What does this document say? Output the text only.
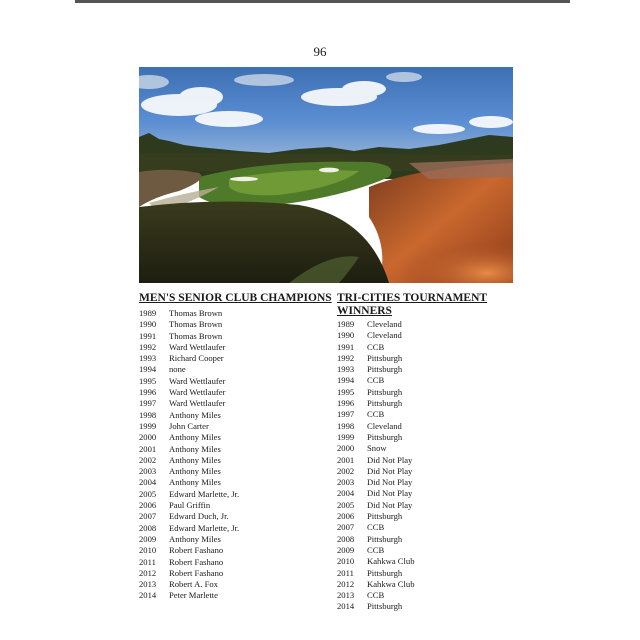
96
MEN'S SENIOR CLUB CHAMPIONS
1989	Thomas Brown
1990	Thomas Brown
1991	Thomas Brown
1992	Ward Wettlaufer
1993	Richard Cooper
1994	none
1995	Ward Wettlaufer
1996	Ward Wettlaufer
1997	Ward Wettlaufer
1998	Anthony Miles
1999	John Carter
2000	Anthony Miles
2001	Anthony Miles
2002	Anthony Miles
2003	Anthony Miles
2004	Anthony Miles
2005	Edward Marlette, Jr.
2006	Paul Griffin
2007	Edward Duch, Jr.
2008	Edward Marlette, Jr.
2009	Anthony Miles
2010	Robert Fashano
2011	Robert Fashano
2012	Robert Fashano
2013	Robert A. Fox
2014	Peter Marlette
TRI-CITIES TOURNAMENT
WINNERS
1989	Cleveland
1990	Cleveland
1991	CCB
1992	Pittsburgh
1993	Pittsburgh
1994	CCB
1995	Pittsburgh
1996	Pittsburgh
1997	CCB
1998	Cleveland
1999	Pittsburgh
2000	Snow
2001	Did Not Play
2002	Did Not Play
2003	Did Not Play
2004	Did Not Play
2005	Did Not Play
2006	Pittsburgh
2007	CCB
2008	Pittsburgh
2009	CCB
2010	Kahkwa Club
2011	Pittsburgh
2012	Kahkwa Club
2013	CCB
2014	Pittsburgh
